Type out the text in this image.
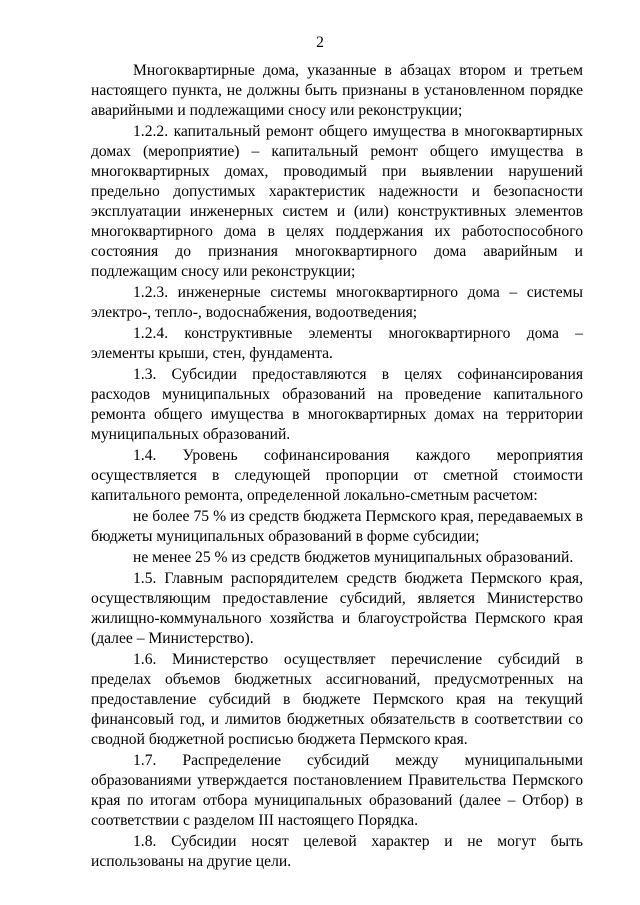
2

Многоквартирные дома, указанные в абзацах втором и третьем настоящего пункта, не должны быть признаны в установленном порядке аварийными и подлежащими сносу или реконструкции;

1.2.2. капитальный ремонт общего имущества в многоквартирных домах (мероприятие) – капитальный ремонт общего имущества в многоквартирных домах, проводимый при выявлении нарушений предельно допустимых характеристик надежности и безопасности эксплуатации инженерных систем и (или) конструктивных элементов многоквартирного дома в целях поддержания их работоспособного состояния до признания многоквартирного дома аварийным и подлежащим сносу или реконструкции;

1.2.3. инженерные системы многоквартирного дома – системы электро-, тепло-, водоснабжения, водоотведения;

1.2.4. конструктивные элементы многоквартирного дома – элементы крыши, стен, фундамента.

1.3. Субсидии предоставляются в целях софинансирования расходов муниципальных образований на проведение капитального ремонта общего имущества в многоквартирных домах на территории муниципальных образований.

1.4. Уровень софинансирования каждого мероприятия осуществляется в следующей пропорции от сметной стоимости капитального ремонта, определенной локально-сметным расчетом:

не более 75 % из средств бюджета Пермского края, передаваемых в бюджеты муниципальных образований в форме субсидии;

не менее 25 % из средств бюджетов муниципальных образований.

1.5. Главным распорядителем средств бюджета Пермского края, осуществляющим предоставление субсидий, является Министерство жилищно-коммунального хозяйства и благоустройства Пермского края (далее – Министерство).

1.6. Министерство осуществляет перечисление субсидий в пределах объемов бюджетных ассигнований, предусмотренных на предоставление субсидий в бюджете Пермского края на текущий финансовый год, и лимитов бюджетных обязательств в соответствии со сводной бюджетной росписью бюджета Пермского края.

1.7. Распределение субсидий между муниципальными образованиями утверждается постановлением Правительства Пермского края по итогам отбора муниципальных образований (далее – Отбор) в соответствии с разделом III настоящего Порядка.

1.8. Субсидии носят целевой характер и не могут быть использованы на другие цели.
